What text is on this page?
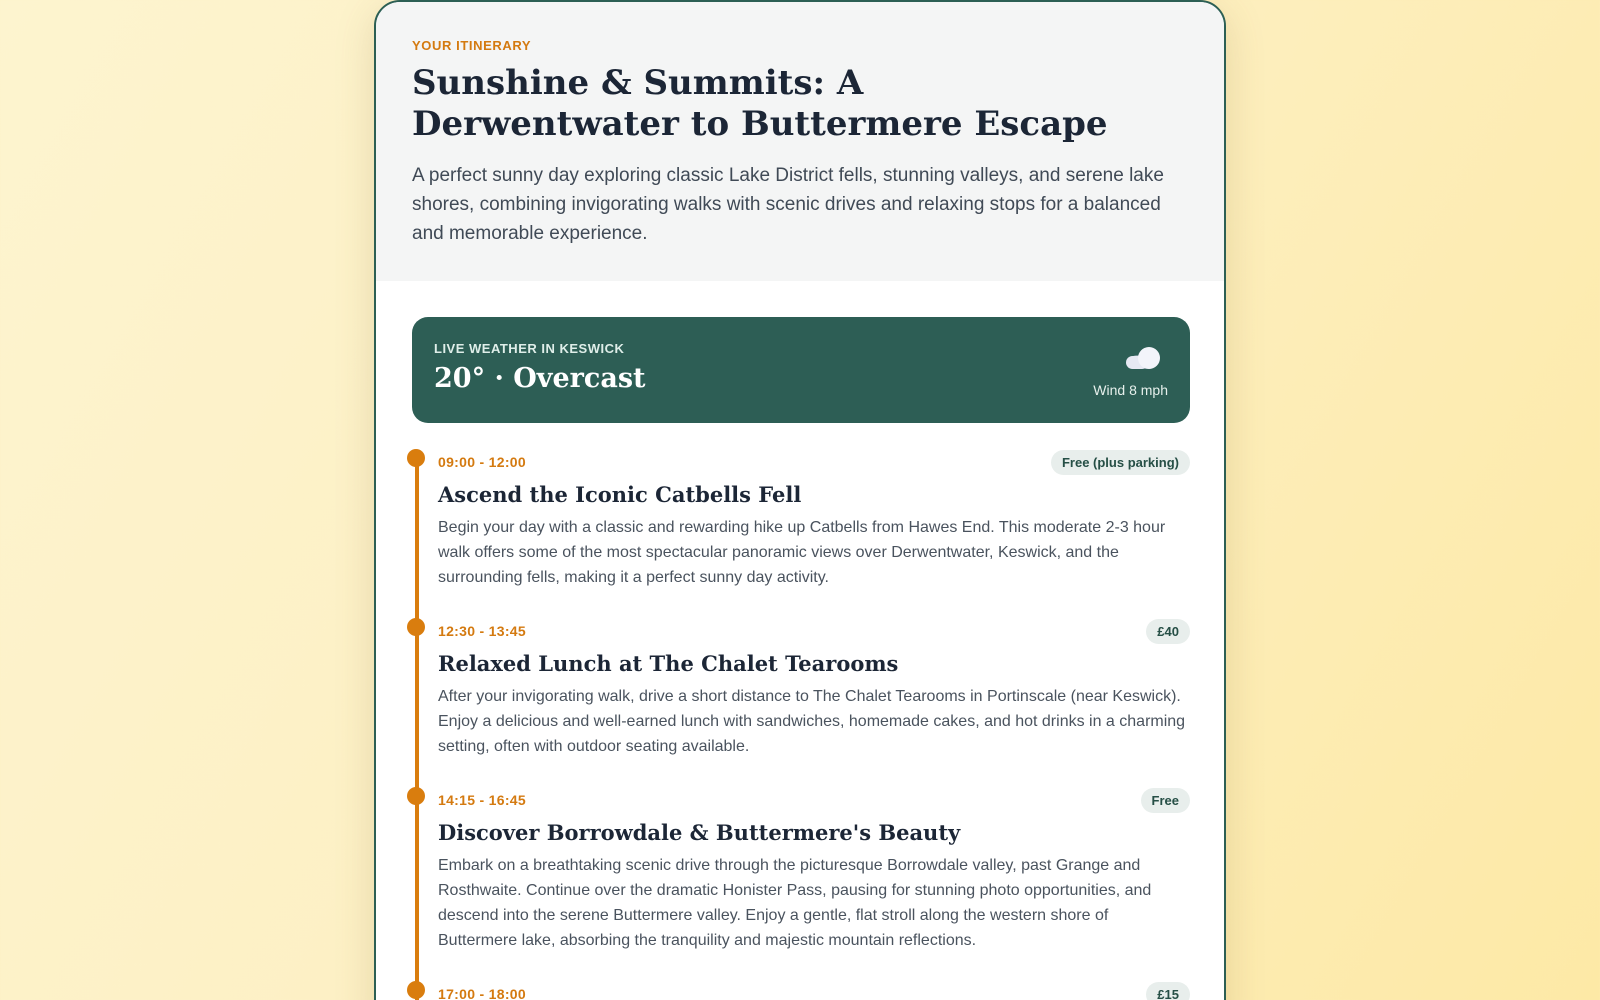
YOUR ITINERARY
Sunshine & Summits: A Derwentwater to Buttermere Escape

A perfect sunny day exploring classic Lake District fells, stunning valleys, and serene lake shores, combining invigorating walks with scenic drives and relaxing stops for a balanced and memorable experience.

LIVE WEATHER IN KESWICK
20° · Overcast	Wind 8 mph
09:00 - 12:00	Free (plus parking)
Ascend the Iconic Catbells Fell

Begin your day with a classic and rewarding hike up Catbells from Hawes End. This moderate 2-3 hour walk offers some of the most spectacular panoramic views over Derwentwater, Keswick, and the surrounding fells, making it a perfect sunny day activity.

12:30 - 13:45	£40
Relaxed Lunch at The Chalet Tearooms

After your invigorating walk, drive a short distance to The Chalet Tearooms in Portinscale (near Keswick). Enjoy a delicious and well-earned lunch with sandwiches, homemade cakes, and hot drinks in a charming setting, often with outdoor seating available.

14:15 - 16:45	Free
Discover Borrowdale & Buttermere's Beauty

Embark on a breathtaking scenic drive through the picturesque Borrowdale valley, past Grange and Rosthwaite. Continue over the dramatic Honister Pass, pausing for stunning photo opportunities, and descend into the serene Buttermere valley. Enjoy a gentle, flat stroll along the western shore of Buttermere lake, absorbing the tranquility and majestic mountain reflections.

17:00 - 18:00	£15
